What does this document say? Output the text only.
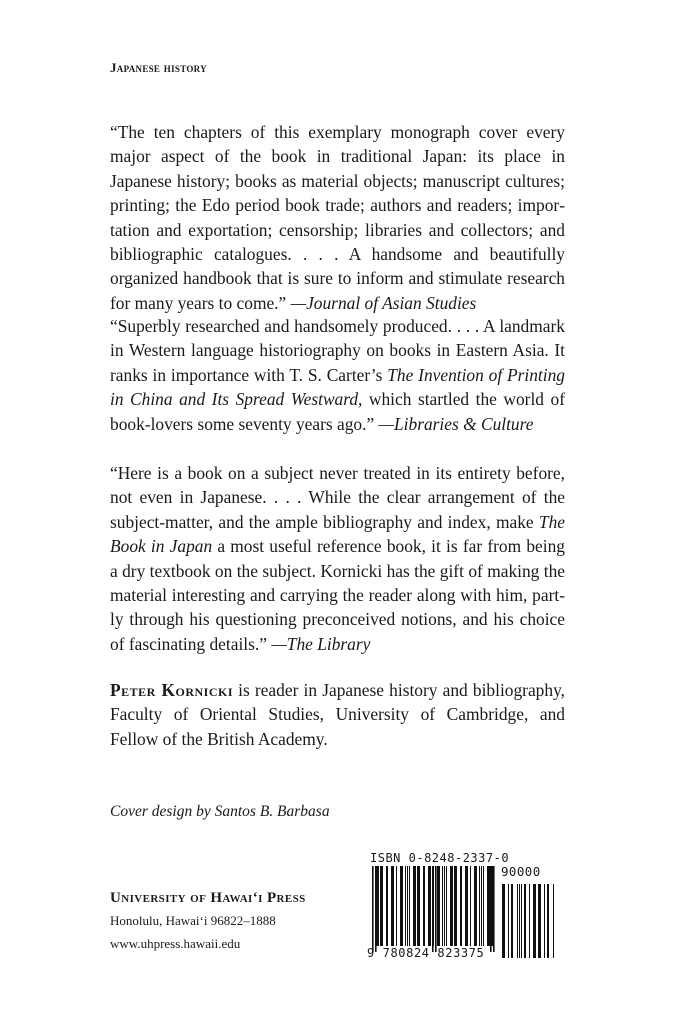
Japanese history

“The ten chapters of this exemplary monograph cover every major aspect of the book in traditional Japan: its place in Japanese history; books as material objects; manuscript cultures; printing; the Edo period book trade; authors and readers; importation and exportation; censorship; libraries and collectors; and bibliographic catalogues. . . . A handsome and beautifully organized handbook that is sure to inform and stimulate research for many years to come.” —Journal of Asian Studies

“Superbly researched and handsomely produced. . . . A landmark in Western language historiography on books in Eastern Asia. It ranks in importance with T. S. Carter’s The Invention of Printing in China and Its Spread Westward, which startled the world of book-lovers some seventy years ago.” —Libraries & Culture

“Here is a book on a subject never treated in its entirety before, not even in Japanese. . . . While the clear arrangement of the subject-matter, and the ample bibliography and index, make The Book in Japan a most useful reference book, it is far from being a dry textbook on the subject. Kornicki has the gift of making the material interesting and carrying the reader along with him, partly through his questioning preconceived notions, and his choice of fascinating details.” —The Library

Peter Kornicki is reader in Japanese history and bibliography, Faculty of Oriental Studies, University of Cambridge, and Fellow of the British Academy.

Cover design by Santos B. Barbasa
University of Hawai‘i Press
Honolulu, Hawai‘i 96822–1888
www.uhpress.hawaii.edu
ISBN 0-8248-2337-0
90000
9 780824 823375
